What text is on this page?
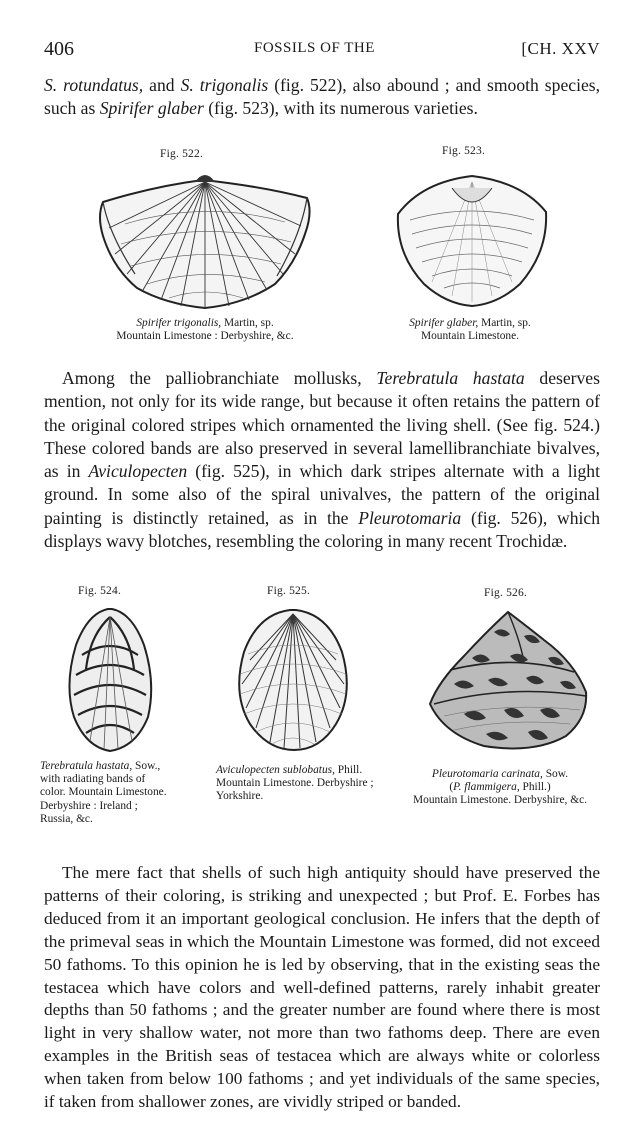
406	FOSSILS OF THE	[CH. XXV

S. rotundatus, and S. trigonalis (fig. 522), also abound ; and smooth species, such as Spirifer glaber (fig. 523), with its numerous varieties.

Fig. 522.

Spirifer trigonalis, Martin, sp.
Mountain Limestone : Derbyshire, &c.

Fig. 523.

Spirifer glaber, Martin, sp.
Mountain Limestone.

Among the palliobranchiate mollusks, Terebratula hastata deserves mention, not only for its wide range, but because it often retains the pattern of the original colored stripes which ornamented the living shell. (See fig. 524.) These colored bands are also preserved in several lamellibranchiate bivalves, as in Aviculopecten (fig. 525), in which dark stripes alternate with a light ground. In some also of the spiral univalves, the pattern of the original painting is distinctly retained, as in the Pleurotomaria (fig. 526), which displays wavy blotches, resembling the coloring in many recent Trochidæ.

Fig. 524.

Terebratula hastata, Sow., with radiating bands of color. Mountain Limestone. Derbyshire : Ireland ; Russia, &c.

Fig. 525.

Aviculopecten sublobatus, Phill. Mountain Limestone. Derbyshire ; Yorkshire.

Fig. 526.

Pleurotomaria carinata, Sow.
(P. flammigera, Phill.)
Mountain Limestone. Derbyshire, &c.

The mere fact that shells of such high antiquity should have preserved the patterns of their coloring, is striking and unexpected ; but Prof. E. Forbes has deduced from it an important geological conclusion. He infers that the depth of the primeval seas in which the Mountain Limestone was formed, did not exceed 50 fathoms. To this opinion he is led by observing, that in the existing seas the testacea which have colors and well-defined patterns, rarely inhabit greater depths than 50 fathoms ; and the greater number are found where there is most light in very shallow water, not more than two fathoms deep. There are even examples in the British seas of testacea which are always white or colorless when taken from below 100 fathoms ; and yet individuals of the same species, if taken from shallower zones, are vividly striped or banded.
